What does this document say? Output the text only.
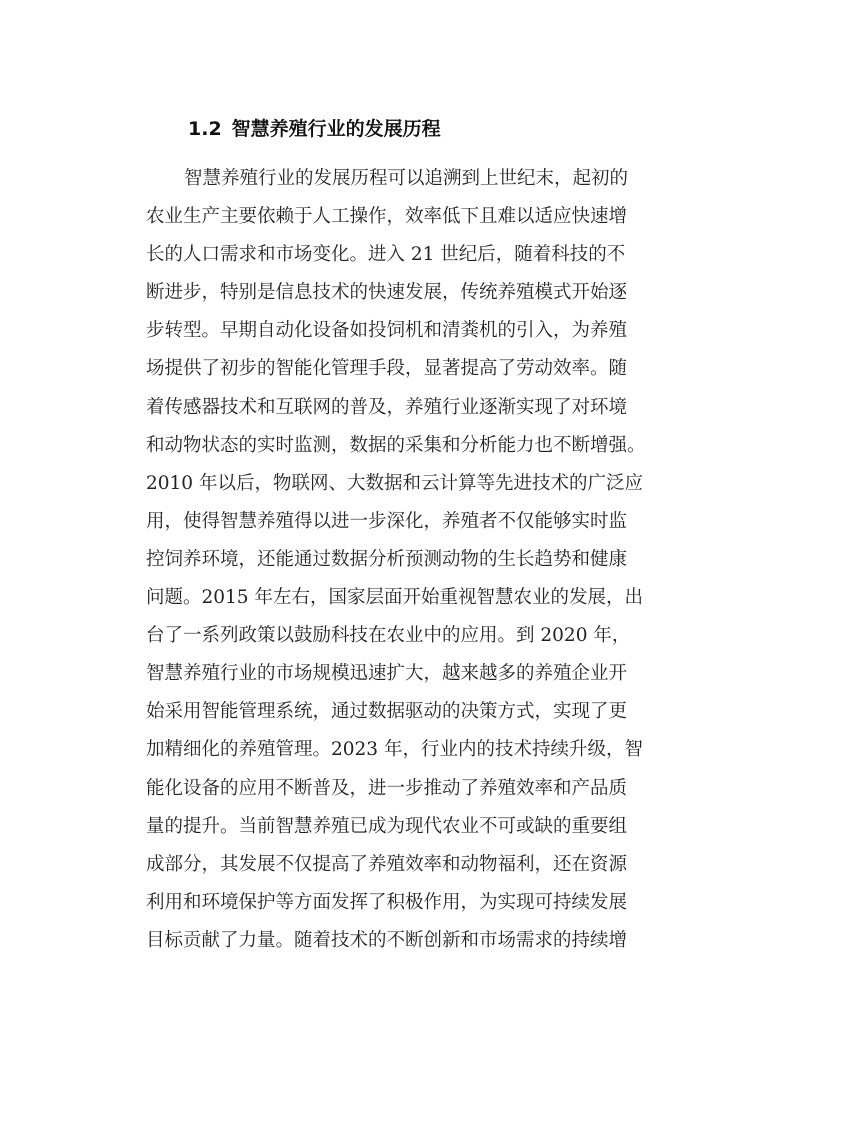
1.2 智慧养殖行业的发展历程
智慧养殖行业的发展历程可以追溯到上世纪末，起初的
农业生产主要依赖于人工操作，效率低下且难以适应快速增
长的人口需求和市场变化。进入 21 世纪后，随着科技的不
断进步，特别是信息技术的快速发展，传统养殖模式开始逐
步转型。早期自动化设备如投饲机和清粪机的引入，为养殖
场提供了初步的智能化管理手段，显著提高了劳动效率。随
着传感器技术和互联网的普及，养殖行业逐渐实现了对环境
和动物状态的实时监测，数据的采集和分析能力也不断增强。
2010 年以后，物联网、大数据和云计算等先进技术的广泛应
用，使得智慧养殖得以进一步深化，养殖者不仅能够实时监
控饲养环境，还能通过数据分析预测动物的生长趋势和健康
问题。2015 年左右，国家层面开始重视智慧农业的发展，出
台了一系列政策以鼓励科技在农业中的应用。到 2020 年，
智慧养殖行业的市场规模迅速扩大，越来越多的养殖企业开
始采用智能管理系统，通过数据驱动的决策方式，实现了更
加精细化的养殖管理。2023 年，行业内的技术持续升级，智
能化设备的应用不断普及，进一步推动了养殖效率和产品质
量的提升。当前智慧养殖已成为现代农业不可或缺的重要组
成部分，其发展不仅提高了养殖效率和动物福利，还在资源
利用和环境保护等方面发挥了积极作用，为实现可持续发展
目标贡献了力量。随着技术的不断创新和市场需求的持续增
